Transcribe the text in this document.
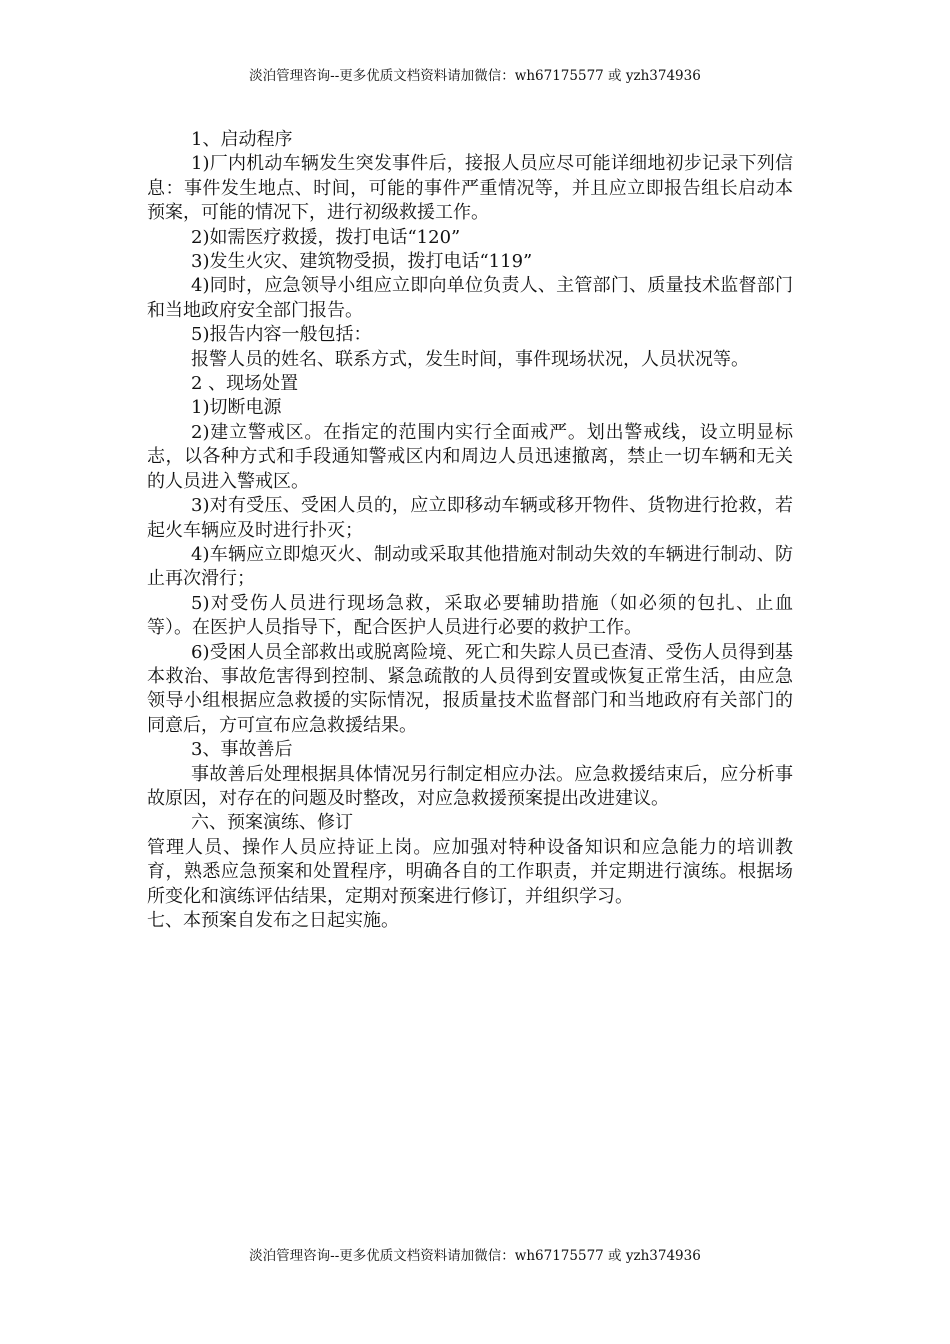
淡泊管理咨询--更多优质文档资料请加微信：wh67175577 或 yzh374936

1、启动程序

1)厂内机动车辆发生突发事件后，接报人员应尽可能详细地初步记录下列信息：事件发生地点、时间，可能的事件严重情况等，并且应立即报告组长启动本预案，可能的情况下，进行初级救援工作。

2)如需医疗救援，拨打电话“120”

3)发生火灾、建筑物受损，拨打电话“119”

4)同时，应急领导小组应立即向单位负责人、主管部门、质量技术监督部门和当地政府安全部门报告。

5)报告内容一般包括：

报警人员的姓名、联系方式，发生时间，事件现场状况，人员状况等。

2 、现场处置

1)切断电源

2)建立警戒区。在指定的范围内实行全面戒严。划出警戒线，设立明显标志，以各种方式和手段通知警戒区内和周边人员迅速撤离，禁止一切车辆和无关的人员进入警戒区。

3)对有受压、受困人员的，应立即移动车辆或移开物件、货物进行抢救，若起火车辆应及时进行扑灭；

4)车辆应立即熄灭火、制动或采取其他措施对制动失效的车辆进行制动、防止再次滑行；

5)对受伤人员进行现场急救，采取必要辅助措施（如必须的包扎、止血等）。在医护人员指导下，配合医护人员进行必要的救护工作。

6)受困人员全部救出或脱离险境、死亡和失踪人员已查清、受伤人员得到基本救治、事故危害得到控制、紧急疏散的人员得到安置或恢复正常生活，由应急领导小组根据应急救援的实际情况，报质量技术监督部门和当地政府有关部门的同意后，方可宣布应急救援结果。

3、事故善后

事故善后处理根据具体情况另行制定相应办法。应急救援结束后，应分析事故原因，对存在的问题及时整改，对应急救援预案提出改进建议。

六、预案演练、修订

管理人员、操作人员应持证上岗。应加强对特种设备知识和应急能力的培训教育，熟悉应急预案和处置程序，明确各自的工作职责，并定期进行演练。根据场所变化和演练评估结果，定期对预案进行修订，并组织学习。

七、本预案自发布之日起实施。

淡泊管理咨询--更多优质文档资料请加微信：wh67175577 或 yzh374936
